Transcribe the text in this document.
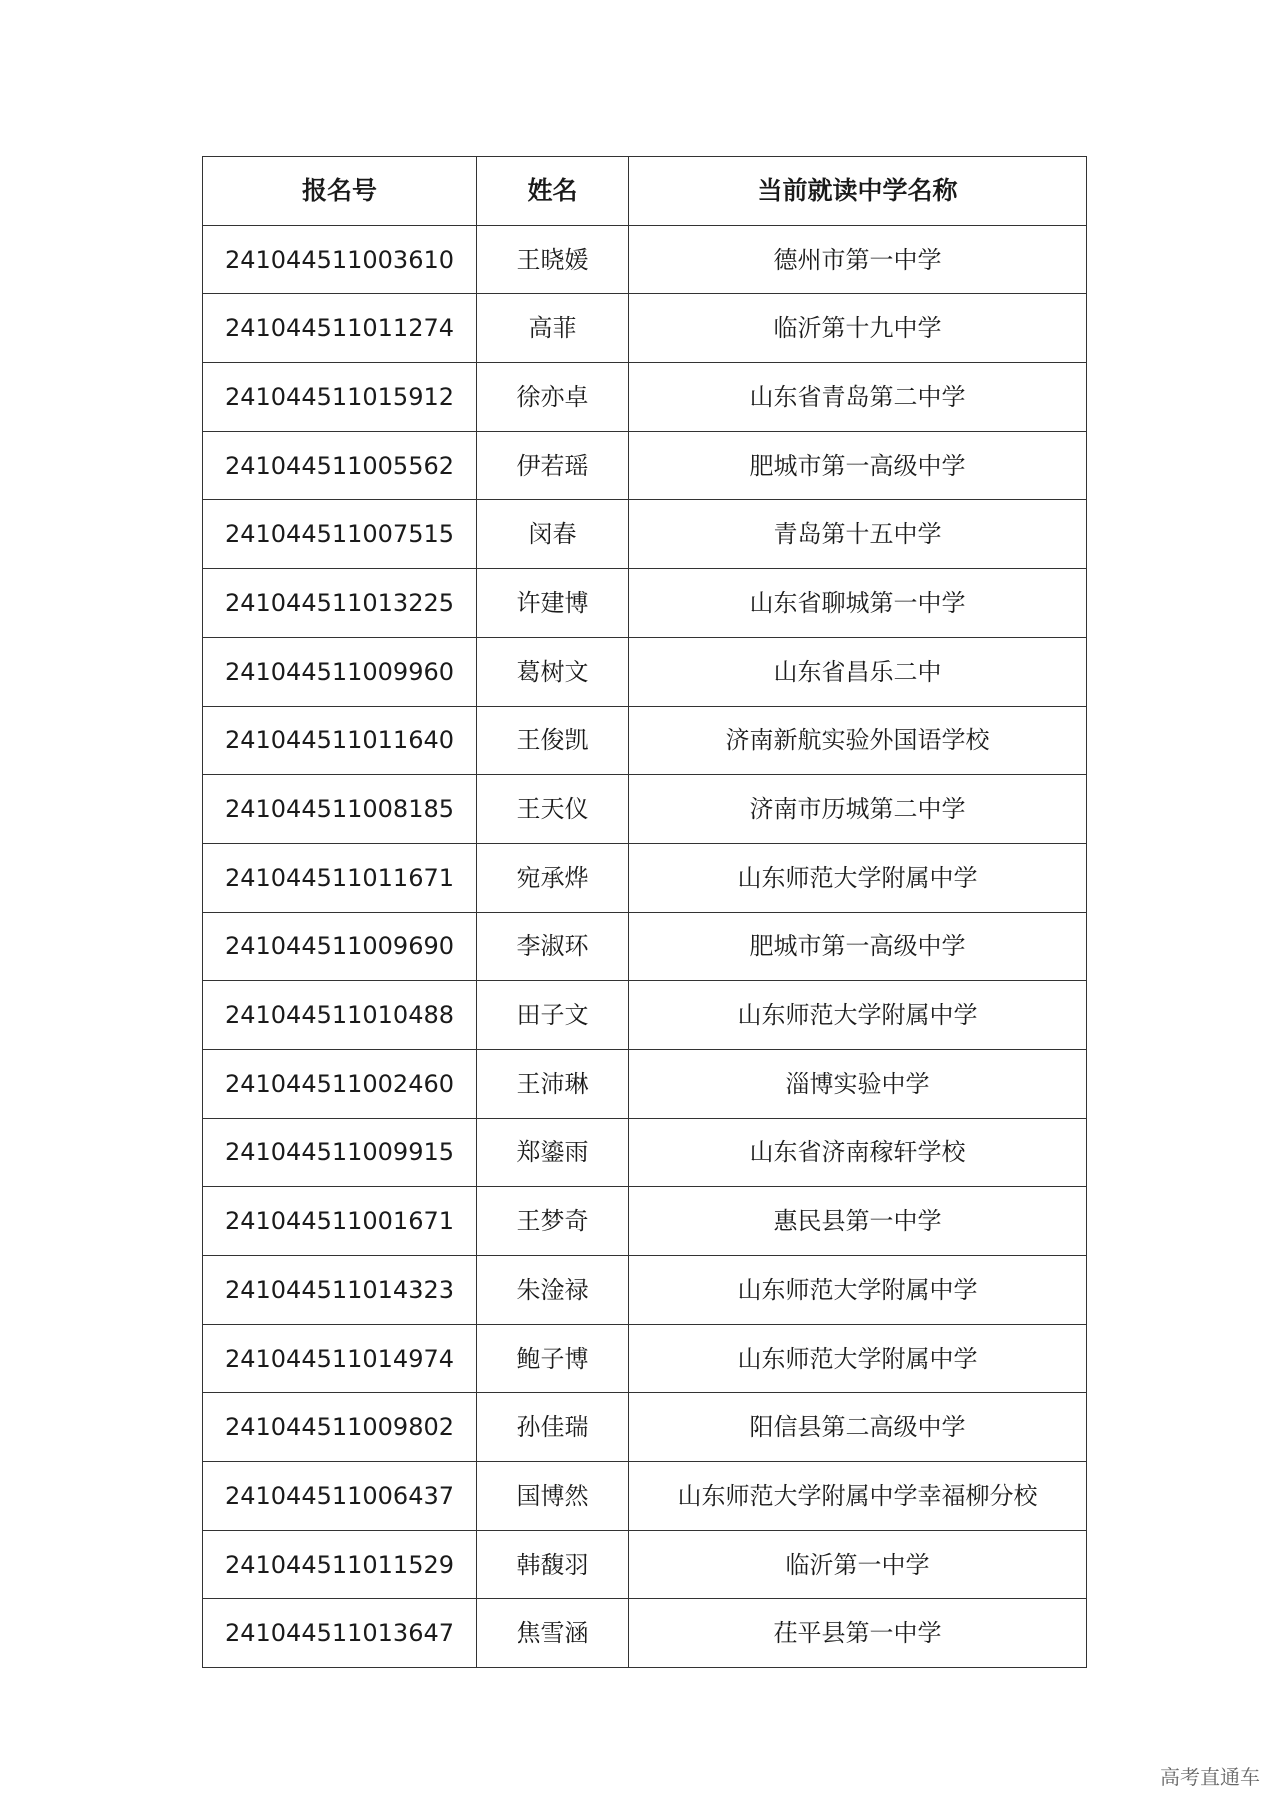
报名号	姓名	当前就读中学名称
241044511003610	王晓媛	德州市第一中学
241044511011274	高菲	临沂第十九中学
241044511015912	徐亦卓	山东省青岛第二中学
241044511005562	伊若瑶	肥城市第一高级中学
241044511007515	闵春	青岛第十五中学
241044511013225	许建博	山东省聊城第一中学
241044511009960	葛树文	山东省昌乐二中
241044511011640	王俊凯	济南新航实验外国语学校
241044511008185	王天仪	济南市历城第二中学
241044511011671	宛承烨	山东师范大学附属中学
241044511009690	李淑环	肥城市第一高级中学
241044511010488	田子文	山东师范大学附属中学
241044511002460	王沛琳	淄博实验中学
241044511009915	郑鎏雨	山东省济南稼轩学校
241044511001671	王梦奇	惠民县第一中学
241044511014323	朱淦禄	山东师范大学附属中学
241044511014974	鲍子博	山东师范大学附属中学
241044511009802	孙佳瑞	阳信县第二高级中学
241044511006437	国博然	山东师范大学附属中学幸福柳分校
241044511011529	韩馥羽	临沂第一中学
241044511013647	焦雪涵	茌平县第一中学
高考直通车
